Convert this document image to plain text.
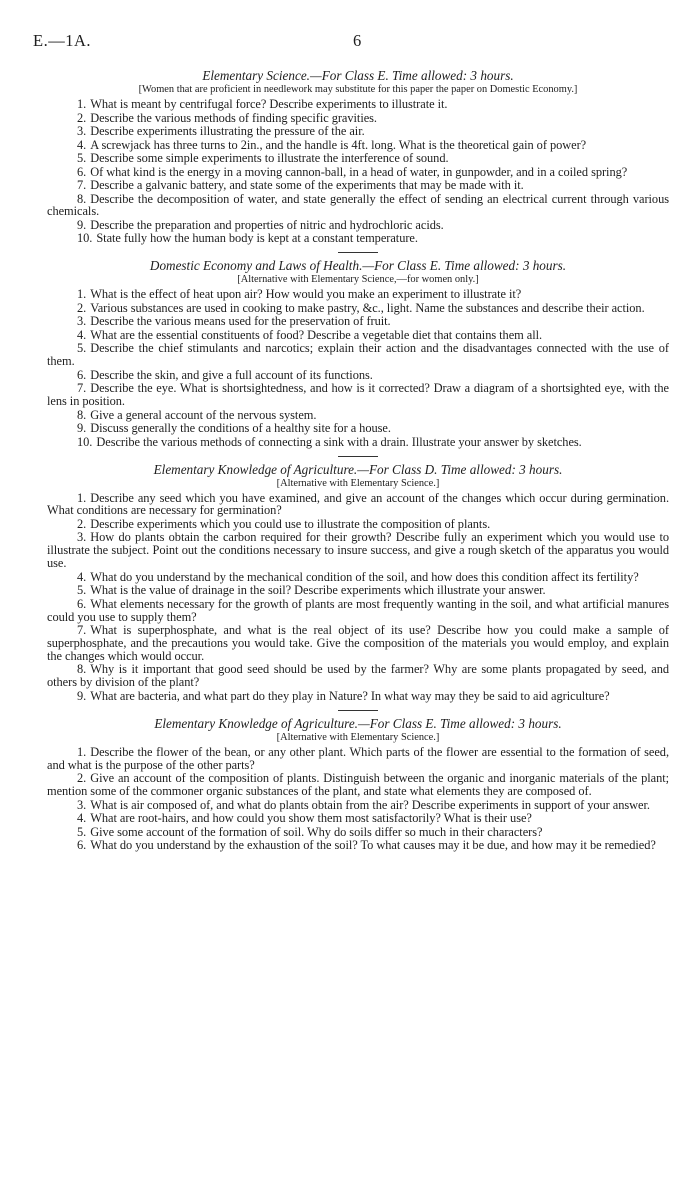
E.—1A.	6
Elementary Science.—For Class E. Time allowed: 3 hours.
[Women that are proficient in needlework may substitute for this paper the paper on Domestic Economy.]

1. What is meant by centrifugal force? Describe experiments to illustrate it.

2. Describe the various methods of finding specific gravities.

3. Describe experiments illustrating the pressure of the air.

4. A screwjack has three turns to 2in., and the handle is 4ft. long. What is the theoretical gain of power?

5. Describe some simple experiments to illustrate the interference of sound.

6. Of what kind is the energy in a moving cannon-ball, in a head of water, in gunpowder, and in a coiled spring?

7. Describe a galvanic battery, and state some of the experiments that may be made with it.

8. Describe the decomposition of water, and state generally the effect of sending an electrical current through various chemicals.

9. Describe the preparation and properties of nitric and hydrochloric acids.

10. State fully how the human body is kept at a constant temperature.

Domestic Economy and Laws of Health.—For Class E. Time allowed: 3 hours.
[Alternative with Elementary Science,—for women only.]

1. What is the effect of heat upon air? How would you make an experiment to illustrate it?

2. Various substances are used in cooking to make pastry, &c., light. Name the substances and describe their action.

3. Describe the various means used for the preservation of fruit.

4. What are the essential constituents of food? Describe a vegetable diet that contains them all.

5. Describe the chief stimulants and narcotics; explain their action and the disadvantages connected with the use of them.

6. Describe the skin, and give a full account of its functions.

7. Describe the eye. What is shortsightedness, and how is it corrected? Draw a diagram of a shortsighted eye, with the lens in position.

8. Give a general account of the nervous system.

9. Discuss generally the conditions of a healthy site for a house.

10. Describe the various methods of connecting a sink with a drain. Illustrate your answer by sketches.

Elementary Knowledge of Agriculture.—For Class D. Time allowed: 3 hours.
[Alternative with Elementary Science.]

1. Describe any seed which you have examined, and give an account of the changes which occur during germination. What conditions are necessary for germination?

2. Describe experiments which you could use to illustrate the composition of plants.

3. How do plants obtain the carbon required for their growth? Describe fully an experiment which you would use to illustrate the subject. Point out the conditions necessary to insure success, and give a rough sketch of the apparatus you would use.

4. What do you understand by the mechanical condition of the soil, and how does this condition affect its fertility?

5. What is the value of drainage in the soil? Describe experiments which illustrate your answer.

6. What elements necessary for the growth of plants are most frequently wanting in the soil, and what artificial manures could you use to supply them?

7. What is superphosphate, and what is the real object of its use? Describe how you could make a sample of superphosphate, and the precautions you would take. Give the composition of the materials you would employ, and explain the changes which would occur.

8. Why is it important that good seed should be used by the farmer? Why are some plants propagated by seed, and others by division of the plant?

9. What are bacteria, and what part do they play in Nature? In what way may they be said to aid agriculture?

Elementary Knowledge of Agriculture.—For Class E. Time allowed: 3 hours.
[Alternative with Elementary Science.]

1. Describe the flower of the bean, or any other plant. Which parts of the flower are essential to the formation of seed, and what is the purpose of the other parts?

2. Give an account of the composition of plants. Distinguish between the organic and inorganic materials of the plant; mention some of the commoner organic substances of the plant, and state what elements they are composed of.

3. What is air composed of, and what do plants obtain from the air? Describe experiments in support of your answer.

4. What are root-hairs, and how could you show them most satisfactorily? What is their use?

5. Give some account of the formation of soil. Why do soils differ so much in their characters?

6. What do you understand by the exhaustion of the soil? To what causes may it be due, and how may it be remedied?
